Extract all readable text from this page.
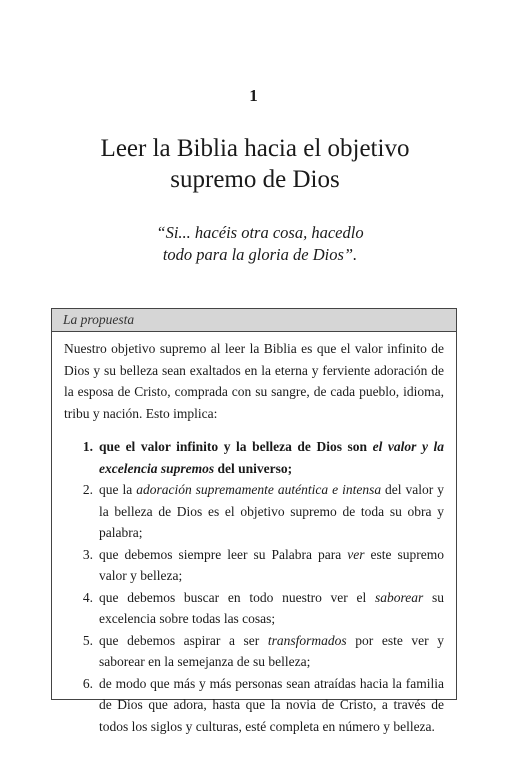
1
Leer la Biblia hacia el objetivo
supremo de Dios
“Si... hacéis otra cosa, hacedlo
todo para la gloria de Dios”.
La propuesta

Nuestro objetivo supremo al leer la Biblia es que el valor infinito de Dios y su belleza sean exaltados en la eterna y ferviente adoración de la esposa de Cristo, comprada con su sangre, de cada pueblo, idioma, tribu y nación. Esto implica:

1. que el valor infinito y la belleza de Dios son el valor y la excelencia supremos del universo;
2. que la adoración supremamente auténtica e intensa del valor y la belleza de Dios es el objetivo supremo de toda su obra y palabra;
3. que debemos siempre leer su Palabra para ver este supremo valor y belleza;
4. que debemos buscar en todo nuestro ver el saborear su excelencia sobre todas las cosas;
5. que debemos aspirar a ser transformados por este ver y saborear en la semejanza de su belleza;
6. de modo que más y más personas sean atraídas hacia la familia de Dios que adora, hasta que la novia de Cristo, a través de todos los siglos y culturas, esté completa en número y belleza.
